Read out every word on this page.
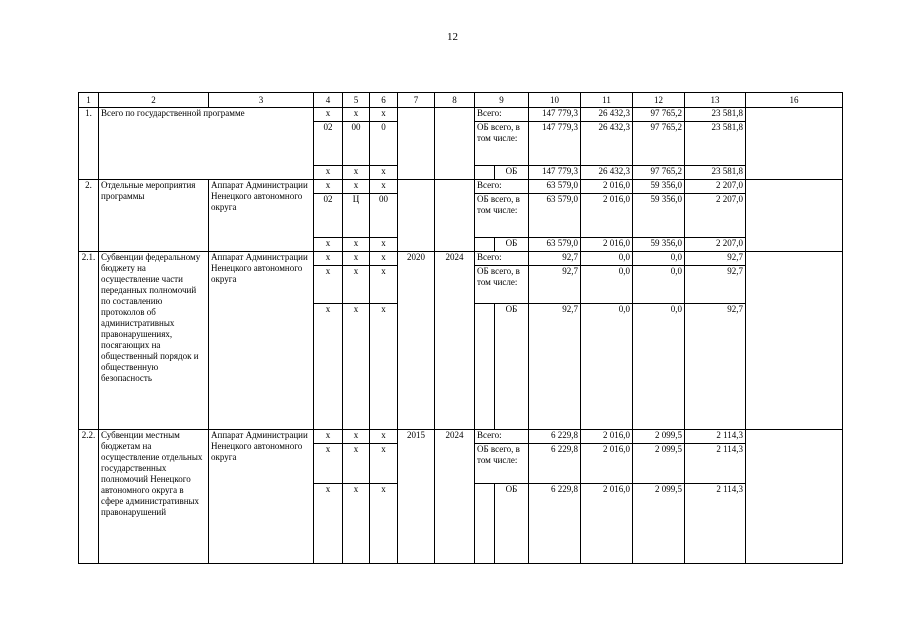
12
1	2	3	4	5	6	7	8	9		10	11	12	13	16
1.	Всего по государственной программе		х	х	х			Всего:		147 779,3	26 432,3	97 765,2	23 581,8	
			02	00	0			ОБ всего, в том числе:		147 779,3	26 432,3	97 765,2	23 581,8	
			х	х	х				ОБ	147 779,3	26 432,3	97 765,2	23 581,8	
2.	Отдельные мероприятия программы	Аппарат Администрации Ненецкого автономного округа	х	х	х			Всего:		63 579,0	2 016,0	59 356,0	2 207,0	
			02	Ц	00			ОБ всего, в том числе:		63 579,0	2 016,0	59 356,0	2 207,0	
			х	х	х				ОБ	63 579,0	2 016,0	59 356,0	2 207,0	
2.1.	Субвенции федеральному бюджету на осуществление части переданных полномочий по составлению протоколов об административных правонарушениях, посягающих на общественный порядок и общественную безопасность	Аппарат Администрации Ненецкого автономного округа	х	х	х	2020	2024	Всего:		92,7	0,0	0,0	92,7	
			х	х	х			ОБ всего, в том числе:		92,7	0,0	0,0	92,7	
			х	х	х				ОБ	92,7	0,0	0,0	92,7	
2.2.	Субвенции местным бюджетам на осуществление отдельных государственных полномочий Ненецкого автономного округа в сфере административных правонарушений	Аппарат Администрации Ненецкого автономного округа	х	х	х	2015	2024	Всего:		6 229,8	2 016,0	2 099,5	2 114,3	
			х	х	х			ОБ всего, в том числе:		6 229,8	2 016,0	2 099,5	2 114,3	
			х	х	х				ОБ	6 229,8	2 016,0	2 099,5	2 114,3	
